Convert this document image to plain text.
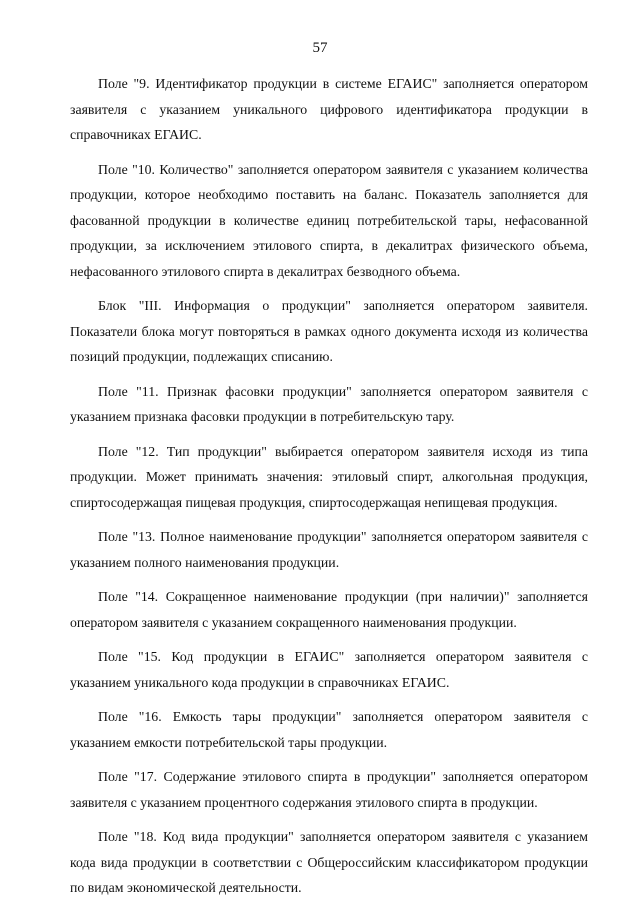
57

Поле "9. Идентификатор продукции в системе ЕГАИС" заполняется оператором заявителя с указанием уникального цифрового идентификатора продукции в справочниках ЕГАИС.

Поле "10. Количество" заполняется оператором заявителя с указанием количества продукции, которое необходимо поставить на баланс. Показатель заполняется для фасованной продукции в количестве единиц потребительской тары, нефасованной продукции, за исключением этилового спирта, в декалитрах физического объема, нефасованного этилового спирта в декалитрах безводного объема.

Блок "III. Информация о продукции" заполняется оператором заявителя. Показатели блока могут повторяться в рамках одного документа исходя из количества позиций продукции, подлежащих списанию.

Поле "11. Признак фасовки продукции" заполняется оператором заявителя с указанием признака фасовки продукции в потребительскую тару.

Поле "12. Тип продукции" выбирается оператором заявителя исходя из типа продукции. Может принимать значения: этиловый спирт, алкогольная продукция, спиртосодержащая пищевая продукция, спиртосодержащая непищевая продукция.

Поле "13. Полное наименование продукции" заполняется оператором заявителя с указанием полного наименования продукции.

Поле "14. Сокращенное наименование продукции (при наличии)" заполняется оператором заявителя с указанием сокращенного наименования продукции.

Поле "15. Код продукции в ЕГАИС" заполняется оператором заявителя с указанием уникального кода продукции в справочниках ЕГАИС.

Поле "16. Емкость тары продукции" заполняется оператором заявителя с указанием емкости потребительской тары продукции.

Поле "17. Содержание этилового спирта в продукции" заполняется оператором заявителя с указанием процентного содержания этилового спирта в продукции.

Поле "18. Код вида продукции" заполняется оператором заявителя с указанием кода вида продукции в соответствии с Общероссийским классификатором продукции по видам экономической деятельности.
